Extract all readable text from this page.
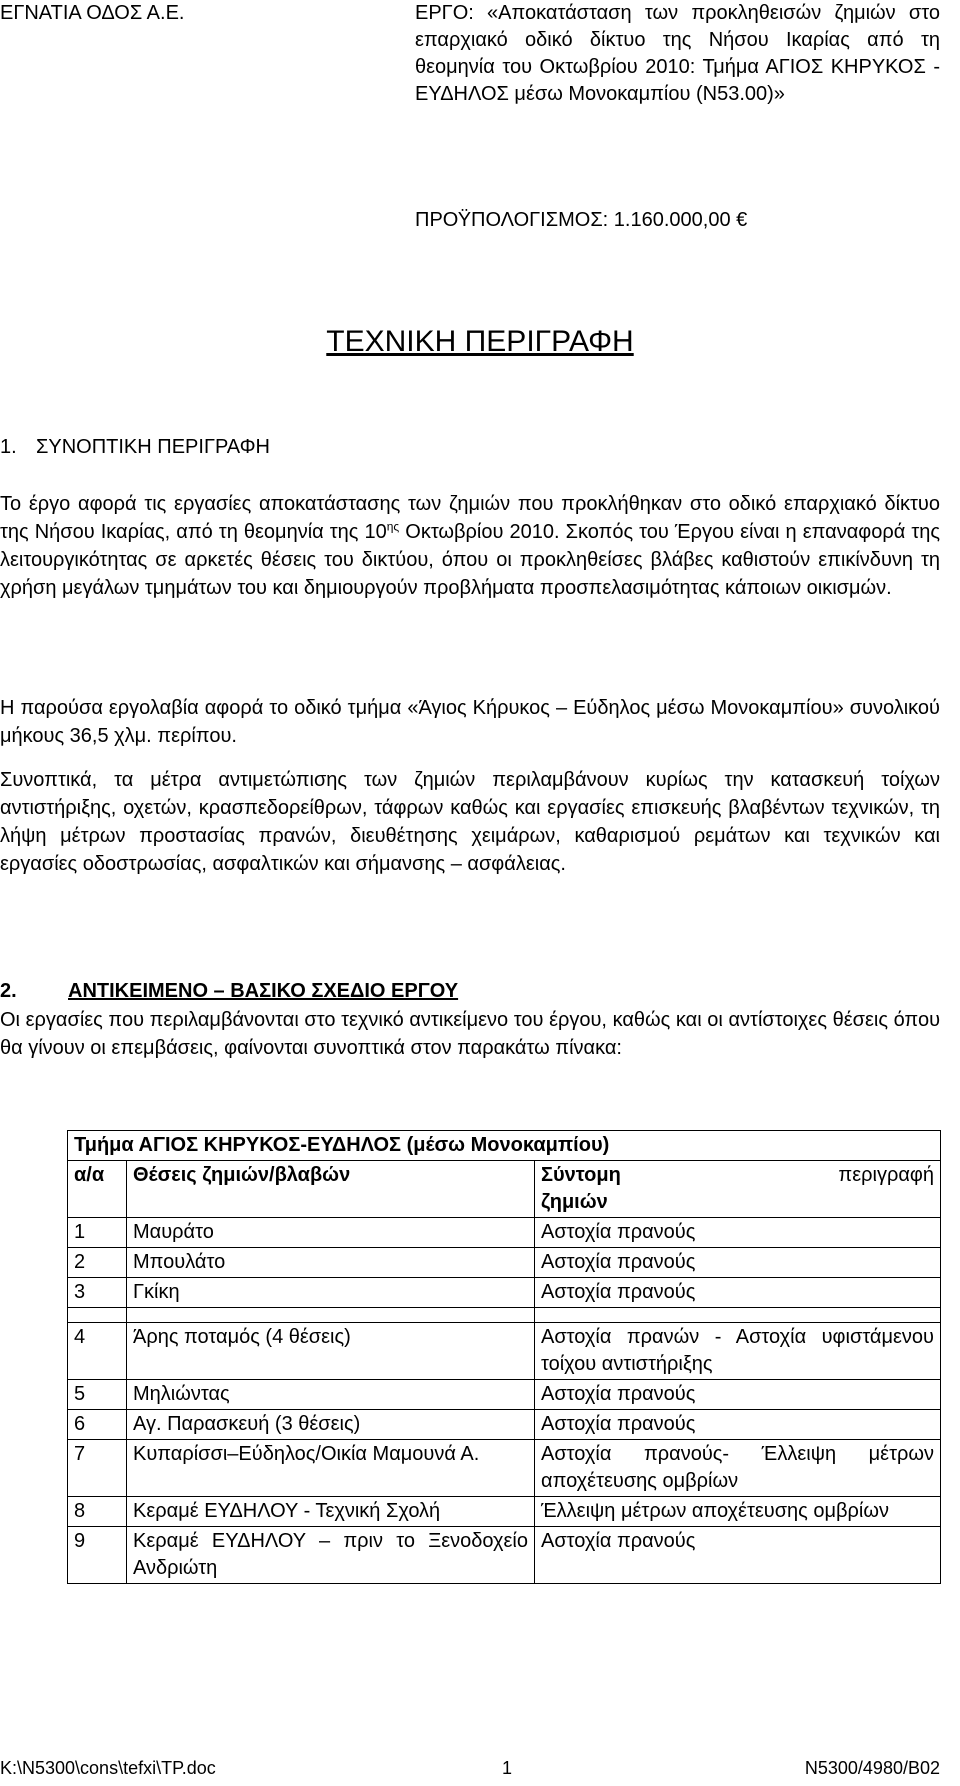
ΕΓΝΑΤΙΑ ΟΔΟΣ Α.Ε.	ΕΡΓΟ: «Αποκατάσταση των προκληθεισών ζημιών στο επαρχιακό οδικό δίκτυο της Νήσου Ικαρίας από τη θεομηνία του Οκτωβρίου 2010: Τμήμα ΑΓΙΟΣ ΚΗΡΥΚΟΣ - ΕΥΔΗΛΟΣ μέσω Μονοκαμπίου (Ν53.00)»
ΠΡΟΫΠΟΛΟΓΙΣΜΟΣ: 1.160.000,00 €
ΤΕΧΝΙΚΗ ΠΕΡΙΓΡΑΦΗ
1. ΣΥΝΟΠΤΙΚΗ ΠΕΡΙΓΡΑΦΗ
Το έργο αφορά τις εργασίες αποκατάστασης των ζημιών που προκλήθηκαν στο οδικό επαρχιακό δίκτυο της Νήσου Ικαρίας, από τη θεομηνία της $10^{\eta\varsigma}$ Οκτωβρίου 2010. Σκοπός του Έργου είναι η επαναφορά της λειτουργικότητας σε αρκετές θέσεις του δικτύου, όπου οι προκληθείσες βλάβες καθιστούν επικίνδυνη τη χρήση μεγάλων τμημάτων του και δημιουργούν προβλήματα προσπελασιμότητας κάποιων οικισμών.
Η παρούσα εργολαβία αφορά το οδικό τμήμα «Άγιος Κήρυκος – Εύδηλος μέσω Μονοκαμπίου» συνολικού μήκους 36,5 χλμ. περίπου.
Συνοπτικά, τα μέτρα αντιμετώπισης των ζημιών περιλαμβάνουν κυρίως την κατασκευή τοίχων αντιστήριξης, οχετών, κρασπεδορείθρων, τάφρων καθώς και εργασίες επισκευής βλαβέντων τεχνικών, τη λήψη μέτρων προστασίας πρανών, διευθέτησης χειμάρων, καθαρισμού ρεμάτων και τεχνικών και εργασίες οδοστρωσίας, ασφαλτικών και σήμανσης – ασφάλειας.
2.	ΑΝΤΙΚΕΙΜΕΝΟ – ΒΑΣΙΚΟ ΣΧΕΔΙΟ ΕΡΓΟΥ
Οι εργασίες που περιλαμβάνονται στο τεχνικό αντικείμενο του έργου, καθώς και οι αντίστοιχες θέσεις όπου θα γίνουν οι επεμβάσεις, φαίνονται συνοπτικά στον παρακάτω πίνακα:
Τμήμα ΑΓΙΟΣ ΚΗΡΥΚΟΣ-ΕΥΔΗΛΟΣ (μέσω Μονοκαμπίου)		
α/α	Θέσεις ζημιών/βλαβών	Σύντομη περιγραφή
ζημιών

1	Μαυράτο	Αστοχία πρανούς
2	Μπουλάτο	Αστοχία πρανούς
3	Γκίκη	Αστοχία πρανούς

4	Άρης ποταμός (4 θέσεις)	Αστοχία πρανών - Αστοχία υφιστάμενου τοίχου αντιστήριξης
5	Μηλιώντας	Αστοχία πρανούς
6	Αγ. Παρασκευή (3 θέσεις)	Αστοχία πρανούς
7	Κυπαρίσσι–Εύδηλος/Οικία Μαμουνά Α.	Αστοχία πρανούς- Έλλειψη μέτρων αποχέτευσης ομβρίων
8	Κεραμέ ΕΥΔΗΛΟΥ - Τεχνική Σχολή	Έλλειψη μέτρων αποχέτευσης ομβρίων
9	Κεραμέ ΕΥΔΗΛΟΥ – πριν το Ξενοδοχείο Ανδριώτη	Αστοχία πρανούς
K:\N5300\cons\tefxi\TP.doc	1	N5300/4980/B02
